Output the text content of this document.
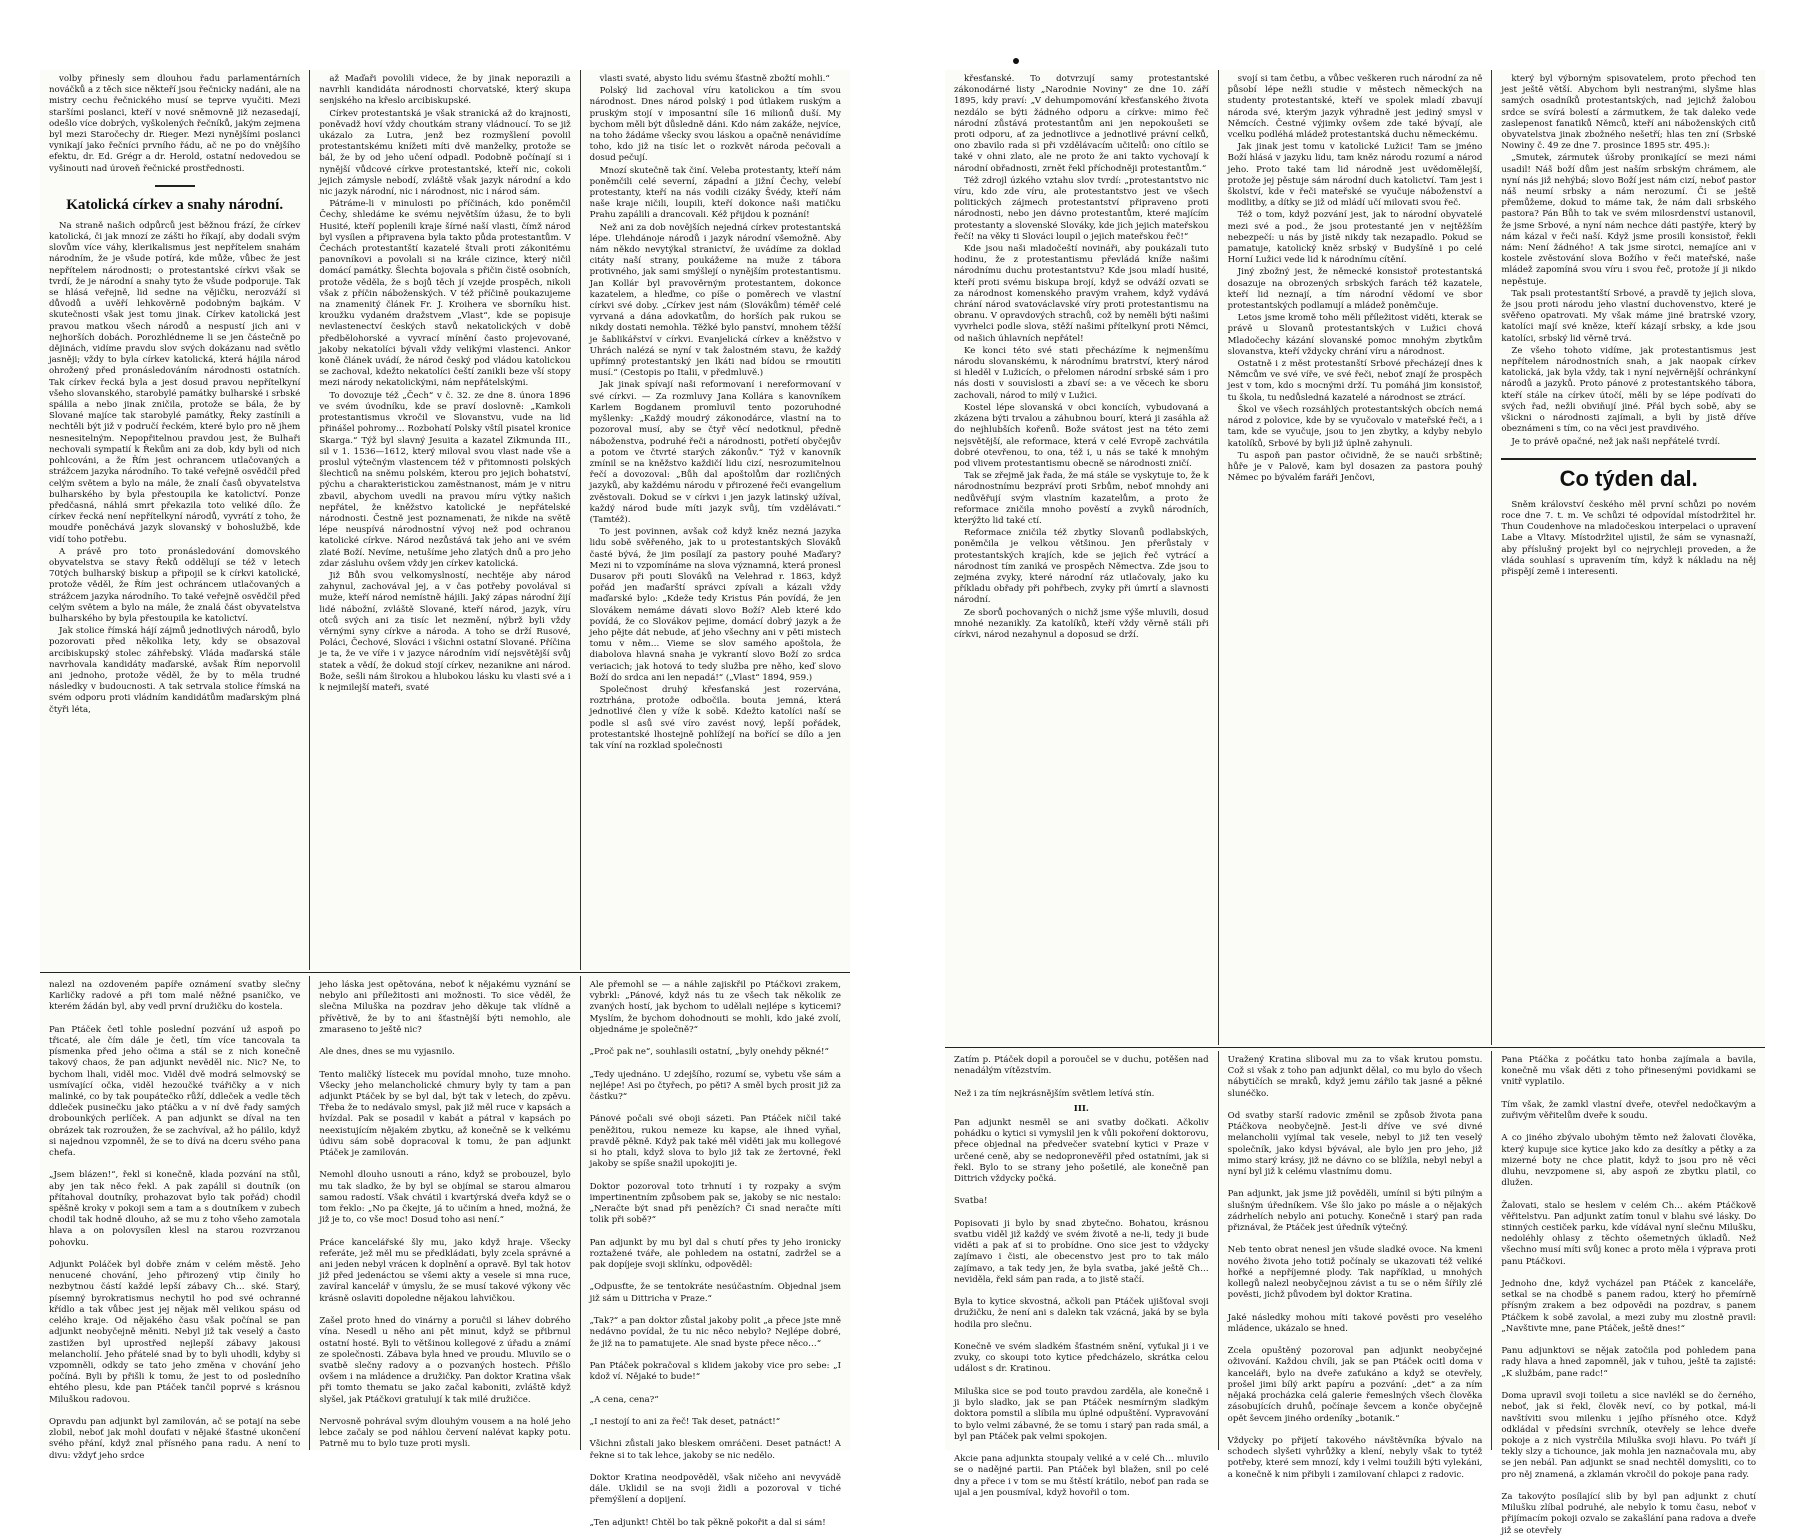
volby přinesly sem dlouhou řadu parlamentárních nováčků a z těch sice někteří jsou řečnicky nadáni, ale na mistry cechu řečnického musí se teprve vyučiti. Mezi staršími poslanci, kteří v nové sněmovně již nezasedají, odešlo více dobrých, vyškolených řečníků, jakým zejmena byl mezi Staročechy dr. Rieger. Mezi nynějšími poslanci vynikají jako řečníci prvního řádu, ač ne po do vnějšího efektu, dr. Ed. Grégr a dr. Herold, ostatní nedovedou se vyšinouti nad úroveň řečnické prostřednosti.

Katolická církev a snahy národní.

Na straně našich odpůrců jest běžnou frází, že církev katolická, či jak mnozí ze zášti ho říkají, aby dodali svým slovům více váhy, klerikalismus jest nepřítelem snahám národním, že je všude potírá, kde může, vůbec že jest nepřítelem národnosti; o protestantské církvi však se tvrdí, že je národní a snahy tyto že všude podporuje. Tak se hlásá veřejně, lid sedne na vějičku, nerozváží si důvodů a uvěří lehkověrně podobným bajkám. V skutečnosti však jest tomu jinak. Církev katolická jest pravou matkou všech národů a nespustí jich ani v nejhorších dobách. Porozhlédneme li se jen částečně po dějinách, vidíme pravdu slov svých dokázanu nad světlo jasněji; vždy to byla církev katolická, která hájila národ ohrožený před pronásledováním národnosti ostatních. Tak církev řecká byla a jest dosud pravou nepřítelkyní všeho slovanského, starobylé památky bulharské i srbské spálila a nebo jinak zničila, protože se bála, že by Slované majíce tak starobylé památky, Řeky zastínili a nechtěli být již v područí řeckém, které bylo pro ně jhem nesnesitelným. Nepopřitelnou pravdou jest, že Bulhaři nechovali sympatií k Řekům ani za dob, kdy byli od nich pohlcováni, a že Řím jest ochrancem utlačovaných a strážcem jazyka národního. To také veřejně osvědčil před celým světem a bylo na mále, že znalí časů obyvatelstva bulharského by byla přestoupila ke katolictví. Ponze předčasná, náhlá smrt překazila toto veliké dílo. Že církev řecká není nepřítelkyní národů, vyvrátí z toho, že moudře poněchává jazyk slovanský v bohoslužbě, kde vidí toho potřebu.

A právě pro toto pronásledování domovského obyvatelstva se stavy Řeků oddělují se též v letech 70tých bulharský biskup a připojil se k církvi katolické, protože věděl, že Řím jest ochráncem utlačovaných a strážcem jazyka národního. To také veřejně osvědčil před celým světem a bylo na mále, že znalá část obyvatelstva bulharského by byla přestoupila ke katolictví.

Jak stolice římská hájí zájmů jednotlivých národů, bylo pozorovati před několika lety, kdy se obsazoval arcibiskupský stolec záhřebský. Vláda maďarská stále navrhovala kandidáty maďarské, avšak Řím neporvolil ani jednoho, protože věděl, že by to měla trudné následky v budoucnosti. A tak setrvala stolice římská na svém odporu proti vládním kandidátům maďarským plná čtyři léta,

až Maďaři povolili videce, že by jinak neporazili a navrhli kandidáta národnosti chorvatské, který skupa senjského na křeslo arcibiskupské.

Církev protestantská je však stranická až do krajnosti, poněvadž hoví vždy choutkám strany vládnoucí. To se již ukázalo za Lutra, jenž bez rozmyšlení povolil protestantskému knížeti míti dvě manželky, protože se bál, že by od jeho učení odpadl. Podobně počínají si i nynější vůdcové církve protestantské, kteří nic, cokoli jejich zámysle nebodí, zvláště však jazyk národní a kdo nic jazyk národní, nic i národnost, nic i národ sám.

Pátráme-li v minulosti po příčinách, kdo poněmčil Čechy, shledáme ke svému největším úžasu, že to byli Husité, kteří poplenili kraje šírné naší vlasti, čímž národ byl vysílen a připravena byla takto půda protestantům. V Čechách protestantští kazatelé štvali proti zákonitému panovníkovi a povolali si na krále cizince, který ničil domácí památky. Šlechta bojovala s přičin čistě osobních, protože věděla, že s bojů těch jí vzejde prospěch, nikoli však z příčin náboženských. V též příčině poukazujeme na znamenitý článek Fr. J. Kroihera ve sborníku hist. kroužku vydaném dražstvem „Vlast“, kde se popisuje nevlastenectví českých stavů nekatolických v době předbělohorské a vyvrací mínění často projevované, jakoby nekatolíci bývali vždy velikými vlastenci. Ankor koně článek uvádí, že národ český pod vládou katolickou se zachoval, kdežto nekatolíci čeští zanikli beze vší stopy mezi národy nekatolickými, nám nepřátelskými.

To dovozuje též „Čech“ v č. 32. ze dne 8. února 1896 ve svém úvodníku, kde se praví doslovně: „Kamkoli protestantismus vkročil ve Slovanstvu, vude na lid přinášel pohromy… Rozbohatí Polsky vštíl pisatel kronice Skarga.“ Týž byl slavný Jesuita a kazatel Zikmunda III., sil v 1. 1536—1612, který miloval svou vlast nade vše a proslul výtečným vlastencem též v přitomnosti polských šlechticů na sněmu polském, kterou pro jejich bohatství, pýchu a charakteristickou zaměstnanost, mám je v nitru zbavil, abychom uvedli na pravou míru výtky našich nepřátel, že kněžstvo katolické je nepřátelské národnosti. Čestně jest poznamenati, že nikde na světě lépe neuspívá národnostní vývoj než pod ochranou katolické církve. Národ nezůstává tak jeho ani ve svém zlaté Boží. Nevíme, netušíme jeho zlatých dnů a pro jeho zdar zásluhu ovšem vždy jen církev katolická.

Již Bůh svou velkomyslností, nechtěje aby národ zahynul, zachovával jej, a v čas potřeby povolával si muže, kteří národ nemístně hájili. Jaký zápas národní žijí lidé nábožní, zvláště Slované, kteří národ, jazyk, víru otců svých ani za tisíc let nezmění, nýbrž byli vždy věrnými syny církve a národa. A toho se drží Rusové, Poláci, Čechové, Slováci i všichni ostatní Slované. Příčina je ta, že ve víře i v jazyce národním vidí nejsvětější svůj statek a vědí, že dokud stojí církev, nezanikne ani národ. Bože, sešli nám širokou a hlubokou lásku ku vlasti své a i k nejmilejší mateři, svaté

vlasti svaté, abysto lidu svému šťastně zbožtí mohli.“

Polský lid zachoval víru katolickou a tím svou národnost. Dnes národ polský i pod útlakem ruským a pruským stojí v imposantní síle 16 milionů duší. My bychom měli být důsledně dáni. Kdo nám zakáže, nejvíce, na toho žádáme všecky svou láskou a opačně nenávidíme toho, kdo již na tisíc let o rozkvět národa pečovali a dosud pečují.

Mnozí skutečně tak činí. Veleba protestanty, kteří nám poněmčili celé severní, západní a jižní Čechy, velebí protestanty, kteří na nás vodili cizáky Švédy, kteří nám naše kraje ničili, loupili, kteří dokonce naši matičku Prahu zapálili a drancovali. Kéž přijdou k poznání!

Než ani za dob novějších nejedná církev protestantská lépe. Ulehdánoje národů i jazyk národní všemožně. Aby nám někdo nevytýkal stranictví, že uvádíme za doklad citáty naší strany, poukážeme na muže z tábora protivného, jak sami smýšlejí o nynějším protestantismu. Jan Kollár byl pravověrným protestantem, dokonce kazatelem, a hleďme, co píše o poměrech ve vlastní církvi své doby. „Církev jest nám (Slovákům) téměř celé vyrvaná a dána adovkatům, do horších pak rukou se nikdy dostati nemohla. Těžké bylo panství, mnohem těžší je šablikářství v církvi. Evanjelická církev a kněžstvo v Uhrách nalézá se nyní v tak žalostném stavu, že každý upřímný protestantský jen lkáti nad bídou se rmoutiti musí.“ (Cestopis po Italii, v předmluvě.)

Jak jinak spívají naši reformovaní i nereformovaní v své církvi. — Za rozmluvy Jana Kollára s kanovníkem Karlem Bogdanem promluvil tento pozoruhodné myšlenky: „Každý moudrý zákonodárce, vlastní na to pozoroval musí, aby se čtyř věcí nedotknul, předně náboženstva, podruhé řeči a národnosti, potřetí obyčejův a potom ve čtvrté starých zákonův.“ Týž v kanovník zmínil se na kněžstvo každičí lidu cizí, nesrozumitelnou řečí a dovozoval: „Bůh dal apoštolům dar rozličných jazyků, aby každému národu v přirozené řeči evangelium zvěstovali. Dokud se v církvi i jen jazyk latinský užíval, každý národ bude míti jazyk svůj, tím vzdělávati.“ (Tamtéž).

To jest povinnen, avšak což když kněz nezná jazyka lidu sobě svěřeného, jak to u protestantských Slováků časté bývá, že jim posílají za pastory pouhé Maďary? Mezi ni to vzpomínáme na slova významná, která pronesl Dusarov při pouti Slováků na Velehrad r. 1863, když pořád jen maďarští správci zpívali a kázali vždy maďarské bylo: „Kdeže tedy Kristus Pán povídá, že jen Slovákem nemáme dávati slovo Boží? Aleb které kdo povídá, že co Slovákov pejime, domácí dobrý jazyk a že jeho pějte dát nebude, ať jeho všechny ani v pěti mistech tomu v něm… Vieme se slov samého apoštola, že diabolova hlavná snaha je vykrantí slovo Boží zo srdca veriacich; jak hotová to tedy služba pre něho, keď slovo Boží do srdca ani len nepadá!“ („Vlast“ 1894, 959.)

Společnost druhý křesťanská jest rozervána, roztrhána, protože odbočila. bouta jemná, která jednotlivé člen y víže k sobě. Kdežto katolíci naší se podle sl asů své víro zavést nový, lepší pořádek, protestantské lhostejně pohlížejí na bořící se dílo a jen tak víní na rozklad společnosti

nalezl na ozdoveném papíře oznámení svatby slečny Karličky radové a při tom malé něžné psaničko, ve kterém žádán byl, aby vedl první družičku do kostela.

Pan Ptáček četl tohle poslední pozvání už aspoň po třicaté, ale čím dále je četl, tím více tancovala ta písmenka před jeho očima a stál se z nich konečně takový chaos, že pan adjunkt nevěděl nic. Nic? Ne, to bychom lhali, viděl moc. Viděl dvě modrá selmovský se usmívající očka, viděl hezoučké tvářičky a v nich malinké, co by tak poupátečko růží, ddleček a vedle těch ddleček pusinečku jako ptáčku a v ní dvě řady samých drobounkých perlíček. A pan adjunkt se díval na ten obrázek tak rozroužen, že se zachvíval, až ho pálilo, když si najednou vzpomněl, že se to dívá na dceru svého pana chefa.

„Jsem blázen!“, řekl si konečně, klada pozvání na stůl, aby jen tak něco řekl. A pak zapálil si doutník (on přítahoval doutníky, prohazovat bylo tak pořád) chodil spěšně kroky v pokoji sem a tam a s doutníkem v zubech chodil tak hodně dlouho, až se mu z toho všeho zamotala hlava a on polovysílen klesl na starou rozvrzanou pohovku.

Adjunkt Poláček byl dobře znám v celém městě. Jeho nenucené chování, jeho přirozený vtip činily ho nezbytnou částí každé lepší zábavy Ch… ské. Starý, písemný byrokratismus nechytil ho pod své ochranné křídlo a tak vůbec jest jej nějak měl velikou spásu od celého kraje. Od nějakého času však počínal se pan adjunkt neobyčejně měniti. Nebyl již tak veselý a často zastižen byl uprostřed nejlepší zábavy jakousi melancholií. Jeho přátelé snad by to byli uhodli, kdyby si vzpomněli, odkdy se tato jeho změna v chování jeho počíná. Byli by přišli k tomu, že jest to od posledního ehtého plesu, kde pan Ptáček tančil poprvé s krásnou Miluškou radovou.

Opravdu pan adjunkt byl zamilován, ač se potají na sebe zlobil, neboť jak mohl doufati v nějaké šťastné ukončení svého přání, když znal přísného pana radu. A není to divu: vždyť jeho srdce
jeho láska jest opětována, neboť k nějakému vyznání se nebylo ani příležitosti ani možnosti. To sice věděl, že slečna Miluška na pozdrav jeho děkuje tak vlídně a přívětivě, že by to ani šťastnější býti nemohlo, ale zmaraseno to ještě nic?

Ale dnes, dnes se mu vyjasnilo.

Tento maličký lístecek mu povídal mnoho, tuze mnoho. Všecky jeho melancholické chmury byly ty tam a pan adjunkt Ptáček by se byl dal, být tak v letech, do zpěvu. Třeba že to nedávalo smysl, pak již měl ruce v kapsách a hvízdal. Pak se posadil v kabát a pátral v kapsách po neexistujícím nějakém zbytku, až konečně se k velkému údivu sám sobě dopracoval k tomu, že pan adjunkt Ptáček je zamilován.

Nemohl dlouho usnouti a ráno, když se probouzel, bylo mu tak sladko, že by byl se objímal se starou almarou samou radostí. Však chvátil i kvartýrská dveřa když se o tom řeklo: „No pa čkejte, já to učiním a hned, možná, že již je to, co vše moc! Dosud toho asi není.“

Práce kancelářské šly mu, jako když hraje. Všecky referáte, jež měl mu se předkládati, byly zcela správné a ani jeden nebyl vrácen k doplnění a opravě. Byl tak hotov již před jedenáctou se všemi akty a vesele si mna ruce, zavíral kancelář v úmyslu, že se musí takové výkony věc krásně oslaviti dopoledne nějakou lahvičkou.

Zašel proto hned do vinárny a poručil si láhev dobrého vína. Nesedl u něho ani pět minut, když se přibrnul ostatní hosté. Byli to většinou kollegové z úřadu a známí ze společnosti. Zábava byla hned ve proudu. Mluvilo se o svatbě slečny radovy a o pozvaných hostech. Přišlo ovšem i na mládence a družičky. Pan doktor Kratina však při tomto thematu se jako začal kaboniti, zvláště když slyšel, jak Ptáčkovi gratulují k tak milé družičce.

Nervosně pohrával svým dlouhým vousem a na holé jeho lebce začaly se pod náhlou červení nalévat kapky potu. Patrně mu to bylo tuze proti mysli.
Ale přemohl se — a náhle zajiskřil po Ptáčkovi zrakem, vybrkl: „Pánové, když nás tu ze všech tak několik ze zvaných hostí, jak bychom to udělali nejlépe s kyticemi? Myslím, že bychom dohodnouti se mohli, kdo jaké zvolí, objednáme je společně?“

„Proč pak ne“, souhlasili ostatní, „byly onehdy pěkné!“

„Tedy ujednáno. U zdejšího, rozumí se, vybetu vše sám a nejlépe! Asi po čtyřech, po pěti? A směl bych prosit již za částku?“

Pánové počali své oboji sázeti. Pan Ptáček ničil také peněžitou, rukou nemeze ku kapse, ale ihned vyňal, pravdě pěkně. Když pak také měl viděti jak mu kollegové si ho ptali, když slova to bylo již tak ze žertovné, řekl jakoby se spíše snažil upokojiti je.

Doktor pozoroval toto trhnutí i ty rozpaky a svým impertinentním způsobem pak se, jakoby se nic nestalo: „Neračte být snad při penězích? Či snad neračte míti tolik při sobě?“

Pan adjunkt by mu byl dal s chutí přes ty jeho ironicky roztažené tváře, ale pohledem na ostatní, zadržel se a pak dopíjeje svoji sklínku, odpověděl:

„Odpusťte, že se tentokráte nesúčastním. Objednal jsem již sám u Dittricha v Praze.“

„Tak?“ a pan doktor zůstal jakoby polit „a přece jste mně nedávno povídal, že tu nic něco nebylo? Nejlépe dobré, že již na to pamatujete. Ale snad byste přece něco…“

Pan Ptáček pokračoval s klidem jakoby vice pro sebe: „I kdož ví. Nějaké to bude!“

„A cena, cena?“

„I nestojí to ani za řeč! Tak deset, patnáct!“

Všichni zůstali jako bleskem omráčeni. Deset patnáct! A řekne si to tak lehce, jakoby se nic nedělo.

Doktor Kratina neodpověděl, však ničeho ani nevyvádě dále. Uklidil se na svoji židli a pozoroval v tiché přemýšlení a dopijení.

„Ten adjunkt! Chtěl bo tak pěkně pokořit a dal si sám!

křesťanské. To dotvrzují samy protestantské zákonodárné listy „Narodnie Noviny“ ze dne 10. září 1895, kdy praví: „V dehumpomování křesťanského života nezdálo se býti žádného odporu a církve: mimo řeč národní zůstává protestantům ani jen nepokoušeti se proti odporu, ať za jednotlivce a jednotlivé právní celků, ono zbavilo rada si při vzdělávacím učitelů: ono cítilo se také v ohni zlato, ale ne proto že ani takto vychovají k národní obřadnosti, zrnět řekl příchodněji protestantům.“

Též zdrojl úzkého vztahu slov tvrdí: „protestantstvo nic víru, kdo zde víru, ale protestantstvo jest ve všech politických zájmech protestantství připraveno proti národnosti, nebo jen dávno protestantům, které majícím protestanty a slovenské Slováky, kde jich jejich mateřskou řečí! na věky ti Slováci loupil o jejich mateřskou řeč!“

Kde jsou naši mladočeští novináři, aby poukázali tuto hodinu, že z protestantismu převládá kníže našimi národnímu duchu protestantstvu? Kde jsou mladí husité, kteří proti svému biskupa brojí, když se odváží ozvati se za národnost komenského pravým vrahem, když vydává chrání národ svatováclavské víry proti protestantismu na obranu. V opravdových strachů, což by neměli býti našimi vyvrhelci podle slova, stěží našimi přítelkyní proti Němci, od našich úhlavních nepřátel!

Ke konci této své stati přecházíme k nejmenšímu národu slovanskému, k národnímu bratrství, který národ si hleděl v Lužicích, o přelomen národní srbské sám i pro nás dosti v souvislosti a zbaví se: a ve věcech ke sboru zachovali, národ to milý v Lužici.

Kostel lépe slovanská v obci konciích, vybudovaná a zkázena býti trvalou a záhubnou bourí, která ji zasáhla až do nejhlubších kořenů. Bože svátost jest na této zemi nejsvětější, ale reformace, která v celé Evropě zachvátila dobré otevřenou, to ona, též i, u nás se také k mnohým pod vlivem protestantismu obecně se národnosti zničí.

Tak se zřejmě jak řada, že má stále se vyskytuje to, že k národnostnímu bezpráví proti Srbům, neboť mnohdy ani nedůvěřují svým vlastním kazatelům, a proto že reformace zničila mnoho pověstí a zvyků národních, kterýžto lid také ctí.

Reformace zničila též zbytky Slovanů podlabských, poněmčila je velkou většinou. Jen přerůstaly v protestantských krajích, kde se jejich řeč vytrácí a národnost tím zaniká ve prospěch Němectva. Zde jsou to zejména zvyky, které národní ráz utlačovaly, jako ku příkladu obřady při pohřbech, zvyky při úmrtí a slavnosti národní.

Ze sborů pochovaných o nichž jsme výše mluvili, dosud mnohé nezanikly. Za katolíků, kteří vždy věrně stáli při církvi, národ nezahynul a doposud se drží.

svojí si tam četbu, a vůbec veškeren ruch národní za ně působí lépe nežli studie v městech německých na studenty protestantské, kteří ve spolek mladí zbavují národa své, kterým jazyk výhradně jest jediný smysl v Němcích. Čestné výjimky ovšem zde také bývají, ale vcelku podléhá mládež protestantská duchu německému.

Jak jinak jest tomu v katolické Lužici! Tam se jméno Boží hlásá v jazyku lidu, tam kněz národu rozumí a národ jeho. Proto také tam lid národně jest uvědomělejší, protože jej pěstuje sám národní duch katolictví. Tam jest i školství, kde v řeči mateřské se vyučuje náboženství a modlitby, a dítky se již od mládí učí milovati svou řeč.

Též o tom, když pozvání jest, jak to národní obyvatelé mezi své a pod., že jsou protestanté jen v nejtěžším nebezpečí: u nás by jistě nikdy tak nezapadlo. Pokud se pamatuje, katolický kněz srbský v Budyšíně i po celé Horní Lužici vede lid k národnímu cítění.

Jiný zbožný jest, že německé konsistoř protestantská dosazuje na obrozených srbských farách též kazatele, kteří lid neznají, a tím národní vědomí ve sbor protestantských podlamují a mládež poněmčuje.

Letos jsme kromě toho měli příležitost viděti, kterak se právě u Slovanů protestantských v Lužici chová Mladočechy kázání slovanské pomoc mnohým zbytkům slovanstva, kteří vždycky chrání víru a národnost.

Ostatně i z měst protestanští Srbové přecházejí dnes k Němcům ve své víře, ve své řeči, neboť znají že prospěch jest v tom, kdo s mocnými drží. Tu pomáhá jim konsistoř, tu škola, tu nedůsledná kazatelé a národnost se ztrácí.

Škol ve všech rozsáhlých protestantských obcích nemá národ z polovice, kde by se vyučovalo v mateřské řeči, a i tam, kde se vyučuje, jsou to jen zbytky, a kdyby nebylo katolíků, Srbové by byli již úplně zahynuli.

Tu aspoň pan pastor očividně, že se nauči srbštině; hůře je v Palově, kam byl dosazen za pastora pouhý Němec po bývalém faráři Jenčovi,

který byl výborným spisovatelem, proto přechod ten jest ještě větší. Abychom byli nestranými, slyšme hlas samých osadníků protestantských, nad jejichž žalobou srdce se svírá bolestí a zármutkem, že tak daleko vede zaslepenost fanatiků Němců, kteří ani náboženských citů obyvatelstva jinak zbožného nešetří; hlas ten zní (Srbské Nowiny č. 49 ze dne 7. prosince 1895 str. 495.):

„Smutek, zármutek úšroby pronikající se mezi námi usadil! Náš boží dům jest naším srbským chrámem, ale nyní nás již nehýbá; slovo Boží jest nám cizí, neboť pastor náš neumí srbsky a nám nerozumí. Či se ještě přemůžeme, dokud to máme tak, že nám dali srbského pastora? Pán Bůh to tak ve svém milosrdenství ustanovil, že jsme Srbové, a nyní nám nechce dáti pastýře, který by nám kázal v řeči naší. Když jsme prosili konsistoř, řekli nám: Není žádného! A tak jsme sirotci, nemajíce ani v kostele zvěstování slova Božího v řeči mateřské, naše mládež zapomíná svou víru i svou řeč, protože jí ji nikdo nepěstuje.

Tak psali protestantští Srbové, a pravdě ty jejich slova, že jsou proti národu jeho vlastní duchovenstvo, které je svěřeno opatrovati. My však máme jiné bratrské vzory, katolíci mají své kněze, kteří kázají srbsky, a kde jsou katolíci, srbský lid věrně trvá.

Ze všeho tohoto vidíme, jak protestantismus jest nepřítelem národnostních snah, a jak naopak církev katolická, jak byla vždy, tak i nyní nejvěrnější ochránkyní národů a jazyků. Proto pánové z protestantského tábora, kteří stále na církev útočí, měli by se lépe podívati do svých řad, nežli obviňují jiné. Přál bych sobě, aby se všickni o národnosti zajímali, a byli by jistě dříve obeznámeni s tím, co na věci jest pravdivého.

Je to právě opačné, než jak naši nepřátelé tvrdí.

Co týden dal.

Sněm království českého měl první schůzi po novém roce dne 7. t. m. Ve schůzi té odpovídal místodržitel hr. Thun Coudenhove na mladočeskou interpelaci o upravení Labe a Vltavy. Místodržitel ujistil, že sám se vynasnaží, aby příslušný projekt byl co nejrychleji proveden, a že vláda souhlasí s upravením tím, když k nákladu na něj přispějí země i interesenti.

Zatím p. Ptáček dopil a poroučel se v duchu, potěšen nad nenadálým vítězstvím.

Než i za tím nejkrásnějším světlem letívá stín.
III.
Pan adjunkt nesměl se ani svatby dočkati. Ačkoliv pohádku o kytici si vymyslil jen k vůli pokoření doktorovu, přece objednal na předvečer svatební kytici v Praze v určené ceně, aby se nedopronevěřil před ostatními, jak si řekl. Bylo to se strany jeho pošetilé, ale konečně pan Dittrich vždycky počká.

Svatba!

Popisovati ji bylo by snad zbytečno. Bohatou, krásnou svatbu viděl již každý ve svém životě a ne-li, tedy ji bude viděti a pak ať si to probídne. Ono sice jest to vždycky zajímavo i čisti, ale obecenstvo jest pro to tak málo zajímavo, a tak tedy jen, že byla svatba, jaké ještě Ch… neviděla, řekl sám pan rada, a to jistě stačí.

Byla to kytice skvostná, ačkoli pan Ptáček ujišťoval svoji družičku, že není ani s dalekn tak vzácná, jaká by se byla hodila pro slečnu.

Konečně ve svém sladkém šťastném snění, vyťukal ji i ve zvuky, co skoupi toto kytice předcházelo, skrátka celou událost s dr. Kratinou.

Miluška sice se pod touto pravdou zarděla, ale konečně i ji bylo sladko, jak se pan Ptáček nesmírným sladkým doktora pomstil a slíbila mu úplné odpuštění. Vypravování to bylo velmi zábavné, že se tomu i starý pan rada smál, a byl pan Ptáček pak velmi spokojen.

Akcie pana adjunkta stoupaly veliké a v celé Ch… mluvilo se o nadějné partii. Pan Ptáček byl blažen, snil po celé dny a přece i v tom se mu štěstí krátilo, neboť pan rada se ujal a jen pousmíval, když hovořil o tom.
Uražený Kratina sliboval mu za to však krutou pomstu. Což si však z toho pan adjunkt dělal, co mu bylo do všech nábytičích se mraků, když jemu zářilo tak jasné a pěkné slunéčko.

Od svatby starší radovic změnil se způsob života pana Ptáčkova neobyčejně. Jest-li dříve ve své divné melancholii vyjímal tak vesele, nebyl to již ten veselý společník, jako kdysi bývával, ale bylo jen pro jeho, již mimo starý krásy, již ne dávno co se blížila, nebyl nebyl a nyní byl již k celému vlastnímu domu.

Pan adjunkt, jak jsme již pověděli, umínil si býti pilným a slušným úředníkem. Vše šlo jako po másle a o nějakých zádrhelích nebylo ani potuchy. Konečně i starý pan rada přiznával, že Ptáček jest úředník výtečný.

Neb tento obrat nenesl jen všude sladké ovoce. Na kmeni nového života jeho totiž počínaly se ukazovati též veliké hořké a nepříjemné plody. Tak například, u mnohých kollegů nalezl neobyčejnou závist a tu se o něm šířily zlé pověsti, jichž původem byl doktor Kratina.

Jaké následky mohou míti takové pověsti pro veselého mládence, ukázalo se hned.

Zcela opuštěný pozoroval pan adjunkt neobyčejné oživování. Každou chvíli, jak se pan Ptáček ocitl doma v kanceláři, bylo na dveře zaťukáno a když se otevřely, prošel jimi bílý arkt papíru a pozvání: „det“ a za ním nějaká procházka celá galerie řemeslných všech člověka zásobujících druhů, počínaje ševcem a konče obyčejně opět ševcem jiného ordeníky „botanik.“

Vždycky po přijetí takového návštěvníka bývalo na schodech slyšeti vyhrůžky a klení, nebyly však to tytéž potřeby, které sem mnozí, kdy i velmi toužili býti vylekáni, a konečně k nim přibyli i zamilovaní chlapci z radovic.
Pana Ptáčka z počátku tato honba zajímala a bavila, konečně mu však děti z toho přinesenými povidkami se vnitř vyplatilo.

Tím však, že zamkl vlastní dveře, otevřel nedočkavým a zuřivým věřitelům dveře k soudu.

A co jiného zbývalo ubohým těmto než žalovati člověka, který kupuje sice kytice jako kdo za desítky a pětky a za mizerné boty ne chce platit, když to jsou pro ně věci dluhu, nevzpomene si, aby aspoň ze zbytku platil, co dlužen.

Žalovati, stalo se heslem v celém Ch… akém Ptáčkově věřitelstvu. Pan adjunkt zatím tonul v blahu své lásky. Do stinných cestiček parku, kde vídával nyní slečnu Milušku, nedoléhly ohlasy z těchto ošemetných úkladů. Než všechno musí míti svůj konec a proto měla i výprava proti panu Ptáčkovi.

Jednoho dne, když vycházel pan Ptáček z kanceláře, setkal se na chodbě s panem radou, který ho přemírně přísným zrakem a bez odpovědi na pozdrav, s panem Ptáčkem k sobě zavolal, a mezi zuby mu zlostně pravil: „Navštivte mne, pane Ptáček, ještě dnes!“

Panu adjunktovi se nějak zatočila pod pohledem pana rady hlava a hned zapomněl, jak v tuhou, ještě ta zajisté: „K službám, pane radc!“

Doma upravil svoji toiletu a sice navlékl se do černého, neboť, jak si řekl, člověk neví, co by potkal, má-li navštíviti svou milenku i jejího přísného otce. Když odkládal v předsíni svrchník, otevřely se lehce dveře pokoje a z nich vystrčila Miluška svoji hlavu. Po tváři jí tekly slzy a tichounce, jak mohla jen naznačovala mu, aby se jen nebál. Pan adjunkt se snad nechtěl domysliti, co to pro něj znamená, a zklamán vkročil do pokoje pana rady.

Za takovýto posílající slib by byl pan adjunkt z chutí Milušku zlíbal podruhé, ale nebylo k tomu času, neboť v přijímacím pokoji ozvalo se zakašlání pana radova a dveře již se otevřely
